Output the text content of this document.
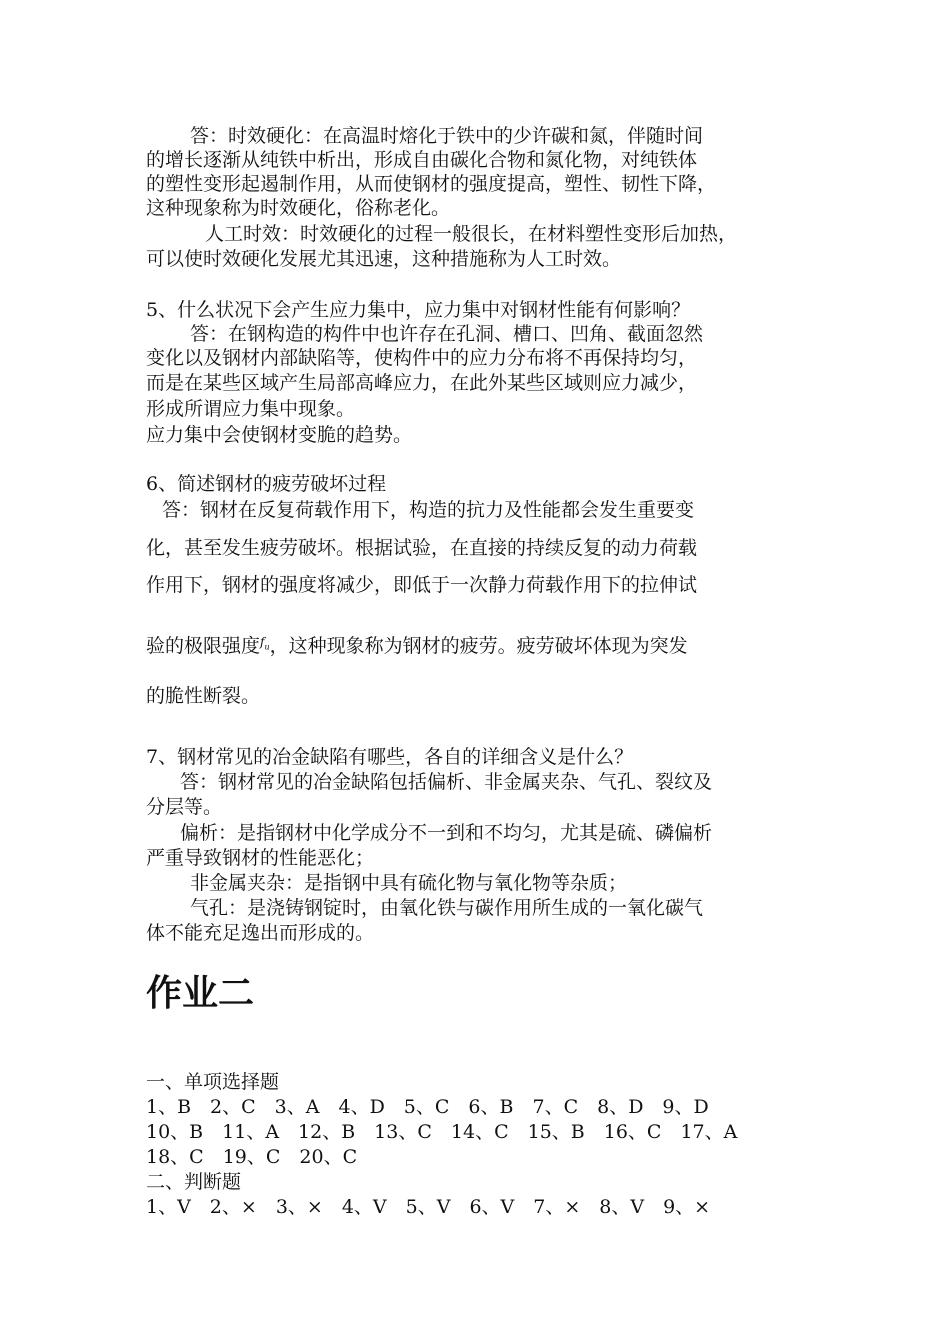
答：时效硬化：在高温时熔化于铁中的少许碳和氮，伴随时间
的增长逐渐从纯铁中析出，形成自由碳化合物和氮化物，对纯铁体
的塑性变形起遏制作用，从而使钢材的强度提高，塑性、韧性下降，
这种现象称为时效硬化，俗称老化。
人工时效：时效硬化的过程一般很长，在材料塑性变形后加热，
可以使时效硬化发展尤其迅速，这种措施称为人工时效。
5、什么状况下会产生应力集中，应力集中对钢材性能有何影响？
答：在钢构造的构件中也许存在孔洞、槽口、凹角、截面忽然
变化以及钢材内部缺陷等，使构件中的应力分布将不再保持均匀，
而是在某些区域产生局部高峰应力，在此外某些区域则应力减少，
形成所谓应力集中现象。
应力集中会使钢材变脆的趋势。
6、简述钢材的疲劳破坏过程
答：钢材在反复荷载作用下，构造的抗力及性能都会发生重要变
化，甚至发生疲劳破坏。根据试验，在直接的持续反复的动力荷载
作用下，钢材的强度将减少，即低于一次静力荷载作用下的拉伸试
验的极限强度$^{f_u}$，这种现象称为钢材的疲劳。疲劳破坏体现为突发
的脆性断裂。
7、钢材常见的冶金缺陷有哪些，各自的详细含义是什么？
答：钢材常见的冶金缺陷包括偏析、非金属夹杂、气孔、裂纹及
分层等。
偏析：是指钢材中化学成分不一到和不均匀，尤其是硫、磷偏析
严重导致钢材的性能恶化；
非金属夹杂：是指钢中具有硫化物与氧化物等杂质；
气孔：是浇铸钢锭时，由氧化铁与碳作用所生成的一氧化碳气
体不能充足逸出而形成的。
作业二
一、单项选择题
1、B　2、C　3、A　4、D　5、C　6、B　7、C　8、D　9、D
10、B　11、A　12、B　13、C　14、C　15、B　16、C　17、A
18、C　19、C　20、C
二、判断题
1、V　2、×　3、×　4、V　5、V　6、V　7、×　8、V　9、×
